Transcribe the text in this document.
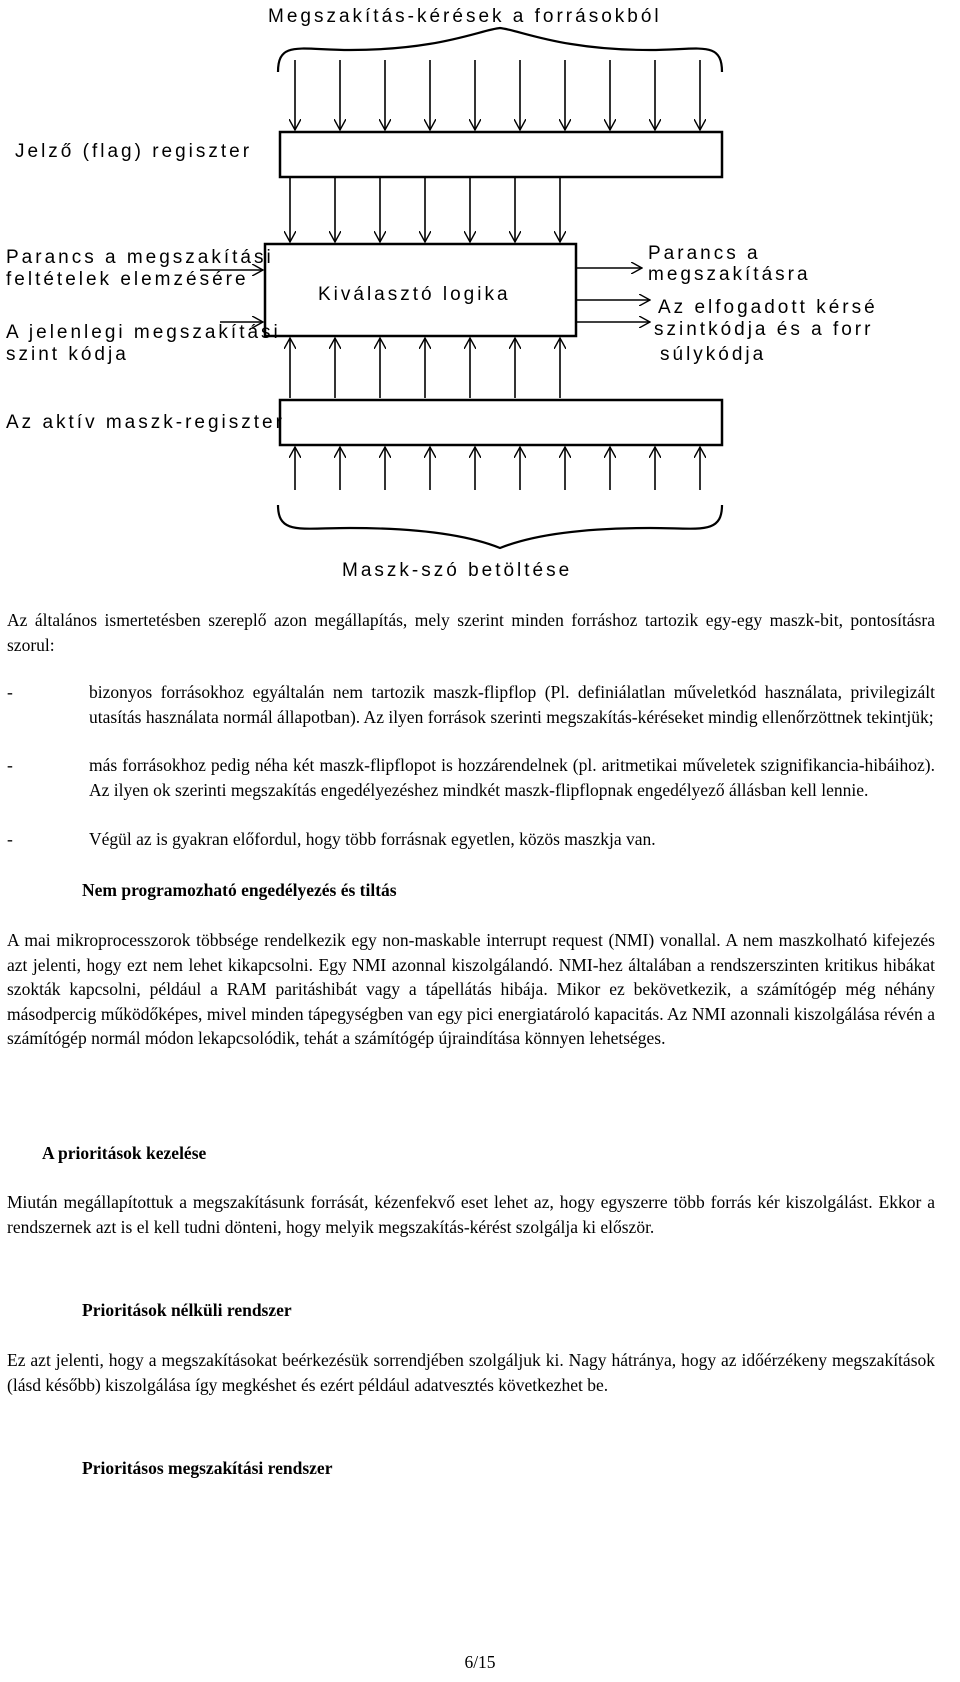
Megszakítás-kérések a forrásokból
Jelző (flag) regiszter
Parancs a megszakítási
feltételek elemzésére
A jelenlegi megszakítási
szint kódja
Kiválasztó logika
Parancs a
megszakításra
Az elfogadott kérsé
szintkódja és a forr
súlykódja
Az aktív maszk-regiszter
Maszk-szó betöltése

Az általános ismertetésben szereplő azon megállapítás, mely szerint minden forráshoz tartozik egy-egy maszk-bit, pontosításra szorul:

-	bizonyos forrásokhoz egyáltalán nem tartozik maszk-flipflop (Pl. definiálatlan műveletkód használata, privilegizált utasítás használata normál állapotban). Az ilyen források szerinti megszakítás-kéréseket mindig ellenőrzöttnek tekintjük;

-	más forrásokhoz pedig néha két maszk-flipflopot is hozzárendelnek (pl. aritmetikai műveletek szignifikancia-hibáihoz). Az ilyen ok szerinti megszakítás engedélyezéshez mindkét maszk-flipflopnak engedélyező állásban kell lennie.

-	Végül az is gyakran előfordul, hogy több forrásnak egyetlen, közös maszkja van.

Nem programozható engedélyezés és tiltás

A mai mikroprocesszorok többsége rendelkezik egy non-maskable interrupt request (NMI) vonallal. A nem maszkolható kifejezés azt jelenti, hogy ezt nem lehet kikapcsolni. Egy NMI azonnal kiszolgálandó. NMI-hez általában a rendszerszinten kritikus hibákat szokták kapcsolni, például a RAM paritáshibát vagy a tápellátás hibája. Mikor ez bekövetkezik, a számítógép még néhány másodpercig működőképes, mivel minden tápegységben van egy pici energiatároló kapacitás. Az NMI azonnali kiszolgálása révén a számítógép normál módon lekapcsolódik, tehát a számítógép újraindítása könnyen lehetséges.

A prioritások kezelése

Miután megállapítottuk a megszakításunk forrását, kézenfekvő eset lehet az, hogy egyszerre több forrás kér kiszolgálást. Ekkor a rendszernek azt is el kell tudni dönteni, hogy melyik megszakítás-kérést szolgálja ki először.

Prioritások nélküli rendszer

Ez azt jelenti, hogy a megszakításokat beérkezésük sorrendjében szolgáljuk ki. Nagy hátránya, hogy az időérzékeny megszakítások (lásd később) kiszolgálása így megkéshet és ezért például adatvesztés következhet be.

Prioritásos megszakítási rendszer
6/15
